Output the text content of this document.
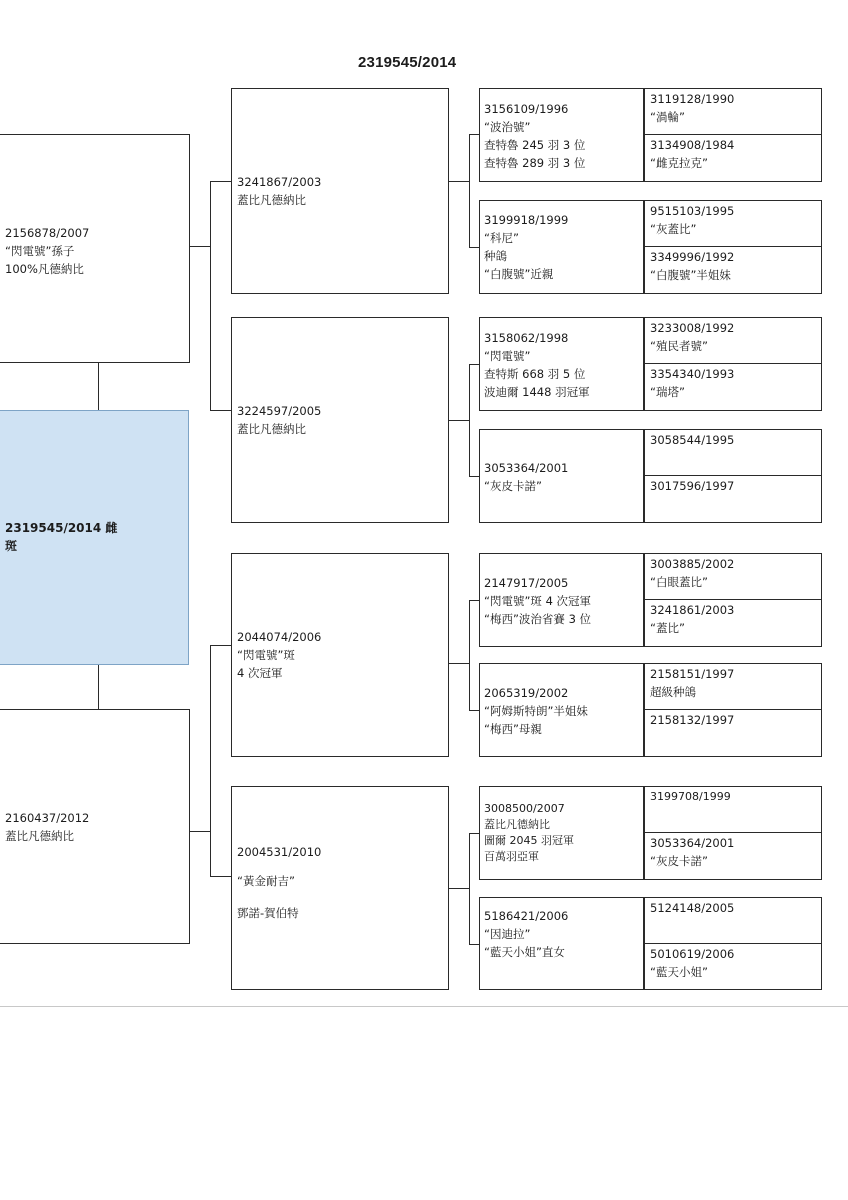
2319545/2014
2319545/2014 雌
斑
2156878/2007
“閃電號”孫子
100%凡德納比
2160437/2012
蓋比凡德納比
3241867/2003
蓋比凡德納比
3224597/2005
蓋比凡德納比
2044074/2006
“閃電號”斑
4 次冠軍
2004531/2010
“黃金耐吉”
鄧諾-賀伯特
3156109/1996
“波治號”
查特魯 245 羽 3 位
查特魯 289 羽 3 位
3199918/1999
“科尼”
种鴿
“白腹號”近親
3158062/1998
“閃電號”
查特斯 668 羽 5 位
波迪爾 1448 羽冠軍
3053364/2001
“灰皮卡諾”
2147917/2005
“閃電號”斑 4 次冠軍
“梅西”波治省賽 3 位
2065319/2002
“阿姆斯特朗”半姐妹
“梅西”母親
3008500/2007
蓋比凡德納比
圖爾 2045 羽冠軍
百萬羽亞軍
5186421/2006
“因迪拉”
“藍天小姐”直女
3119128/1990
“渦輪”
3134908/1984
“雌克拉克”
9515103/1995
“灰蓋比”
3349996/1992
“白腹號”半姐妹
3233008/1992
“殖民者號”
3354340/1993
“瑞塔”
3058544/1995
3017596/1997
3003885/2002
“白眼蓋比”
3241861/2003
“蓋比”
2158151/1997
超級种鴿
2158132/1997
3199708/1999
3053364/2001
“灰皮卡諾”
5124148/2005
5010619/2006
“藍天小姐”
